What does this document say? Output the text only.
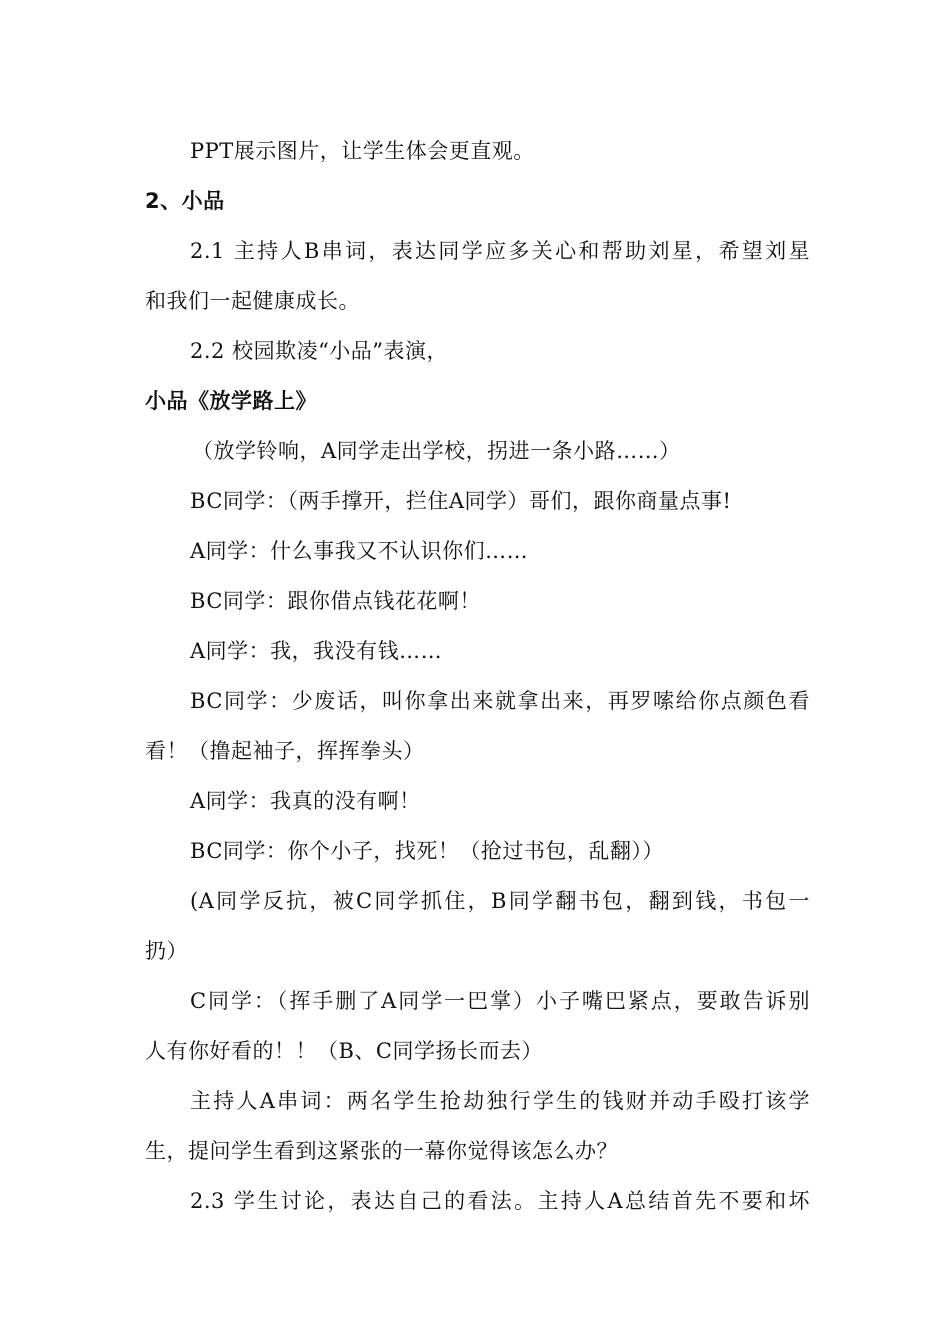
PPT展示图片，让学生体会更直观。
2、小品
2.1 主持人B串词，表达同学应多关心和帮助刘星，希望刘星
和我们一起健康成长。
2.2 校园欺凌“小品”表演，
小品《放学路上》
（放学铃响，A同学走出学校，拐进一条小路……）
BC同学：（两手撑开，拦住A同学）哥们，跟你商量点事!
A同学：什么事我又不认识你们……
BC同学：跟你借点钱花花啊！
A同学：我，我没有钱……
BC同学：少废话，叫你拿出来就拿出来，再罗嗦给你点颜色看
看！（撸起袖子，挥挥拳头）
A同学：我真的没有啊！
BC同学：你个小子，找死！（抢过书包，乱翻））
(A同学反抗，被C同学抓住，B同学翻书包，翻到钱，书包一
扔）
C同学：（挥手删了A同学一巴掌）小子嘴巴紧点，要敢告诉别
人有你好看的！！（B、C同学扬长而去）
主持人A串词：两名学生抢劫独行学生的钱财并动手殴打该学
生，提问学生看到这紧张的一幕你觉得该怎么办？
2.3 学生讨论，表达自己的看法。主持人A总结首先不要和坏
